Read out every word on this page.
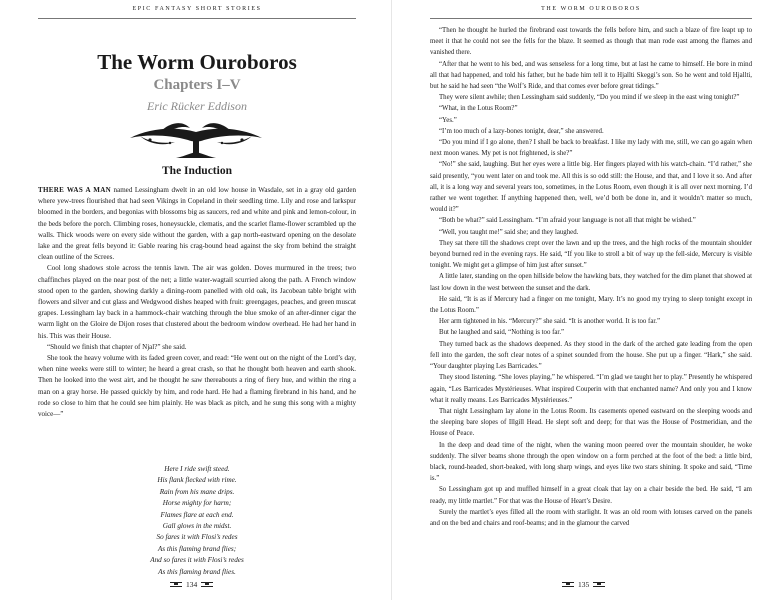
EPIC FANTASY SHORT STORIES
The Worm Ouroboros
Chapters I–V
Eric Rücker Eddison
The Induction

THERE WAS A MAN named Lessingham dwelt in an old low house in Wasdale, set in a gray old garden where yew-trees flourished that had seen Vikings in Copeland in their seedling time. Lily and rose and larkspur bloomed in the borders, and begonias with blossoms big as saucers, red and white and pink and lemon-colour, in the beds before the porch. Climbing roses, honeysuckle, clematis, and the scarlet flame-flower scrambled up the walls. Thick woods were on every side without the garden, with a gap north-eastward opening on the desolate lake and the great fells beyond it: Gable rearing his crag-bound head against the sky from behind the straight clean outline of the Screes.

Cool long shadows stole across the tennis lawn. The air was golden. Doves murmured in the trees; two chaffinches played on the near post of the net; a little water-wagtail scurried along the path. A French window stood open to the garden, showing darkly a dining-room panelled with old oak, its Jacobean table bright with flowers and silver and cut glass and Wedgwood dishes heaped with fruit: greengages, peaches, and green muscat grapes. Lessingham lay back in a hammock-chair watching through the blue smoke of an after-dinner cigar the warm light on the Gloire de Dijon roses that clustered about the bedroom window overhead. He had her hand in his. This was their House.

“Should we finish that chapter of Njal?” she said.

She took the heavy volume with its faded green cover, and read: “He went out on the night of the Lord’s day, when nine weeks were still to winter; he heard a great crash, so that he thought both heaven and earth shook. Then he looked into the west airt, and he thought he saw thereabouts a ring of fiery hue, and within the ring a man on a gray horse. He passed quickly by him, and rode hard. He had a flaming firebrand in his hand, and he rode so close to him that he could see him plainly. He was black as pitch, and he sung this song with a mighty voice—”

Here I ride swift steed.
His flank flecked with rime.
Rain from his mane drips.
Horse mighty for harm;
Flames flare at each end.
Gall glows in the midst.
So fares it with Flosi’s redes
As this flaming brand flies;
And so fares it with Flosi’s redes
As this flaming brand flies.
134
THE WORM OUROBOROS

“Then he thought he hurled the firebrand east towards the fells before him, and such a blaze of fire leapt up to meet it that he could not see the fells for the blaze. It seemed as though that man rode east among the flames and vanished there.

“After that he went to his bed, and was senseless for a long time, but at last he came to himself. He bore in mind all that had happened, and told his father, but he bade him tell it to Hjallti Skeggi’s son. So he went and told Hjallti, but he said he had seen “the Wolf’s Ride, and that comes ever before great tidings.”

They were silent awhile; then Lessingham said suddenly, “Do you mind if we sleep in the east wing tonight?”

“What, in the Lotus Room?”

“Yes.”

“I’m too much of a lazy-bones tonight, dear,” she answered.

“Do you mind if I go alone, then? I shall be back to breakfast. I like my lady with me, still, we can go again when next moon wanes. My pet is not frightened, is she?”

“No!” she said, laughing. But her eyes were a little big. Her fingers played with his watch-chain. “I’d rather,” she said presently, “you went later on and took me. All this is so odd still: the House, and that, and I love it so. And after all, it is a long way and several years too, sometimes, in the Lotus Room, even though it is all over next morning. I’d rather we went together. If anything happened then, well, we’d both be done in, and it wouldn’t matter so much, would it?”

“Both be what?” said Lessingham. “I’m afraid your language is not all that might be wished.”

“Well, you taught me!” said she; and they laughed.

They sat there till the shadows crept over the lawn and up the trees, and the high rocks of the mountain shoulder beyond burned red in the evening rays. He said, “If you like to stroll a bit of way up the fell-side, Mercury is visible tonight. We might get a glimpse of him just after sunset.”

A little later, standing on the open hillside below the hawking bats, they watched for the dim planet that showed at last low down in the west between the sunset and the dark.

He said, “It is as if Mercury had a finger on me tonight, Mary. It’s no good my trying to sleep tonight except in the Lotus Room.”

Her arm tightened in his. “Mercury?” she said. “It is another world. It is too far.”

But he laughed and said, “Nothing is too far.”

They turned back as the shadows deepened. As they stood in the dark of the arched gate leading from the open fell into the garden, the soft clear notes of a spinet sounded from the house. She put up a finger. “Hark,” she said. “Your daughter playing Les Barricades.”

They stood listening. “She loves playing,” he whispered. “I’m glad we taught her to play.” Presently he whispered again, “Les Barricades Mystérieuses. What inspired Couperin with that enchanted name? And only you and I know what it really means. Les Barricades Mystérieuses.”

That night Lessingham lay alone in the Lotus Room. Its casements opened eastward on the sleeping woods and the sleeping bare slopes of Illgill Head. He slept soft and deep; for that was the House of Postmeridian, and the House of Peace.

In the deep and dead time of the night, when the waning moon peered over the mountain shoulder, he woke suddenly. The silver beams shone through the open window on a form perched at the foot of the bed: a little bird, black, round-headed, short-beaked, with long sharp wings, and eyes like two stars shining. It spoke and said, “Time is.”

So Lessingham got up and muffled himself in a great cloak that lay on a chair beside the bed. He said, “I am ready, my little martlet.” For that was the House of Heart’s Desire.

Surely the martlet’s eyes filled all the room with starlight. It was an old room with lotuses carved on the panels and on the bed and chairs and roof-beams; and in the glamour the carved

135
